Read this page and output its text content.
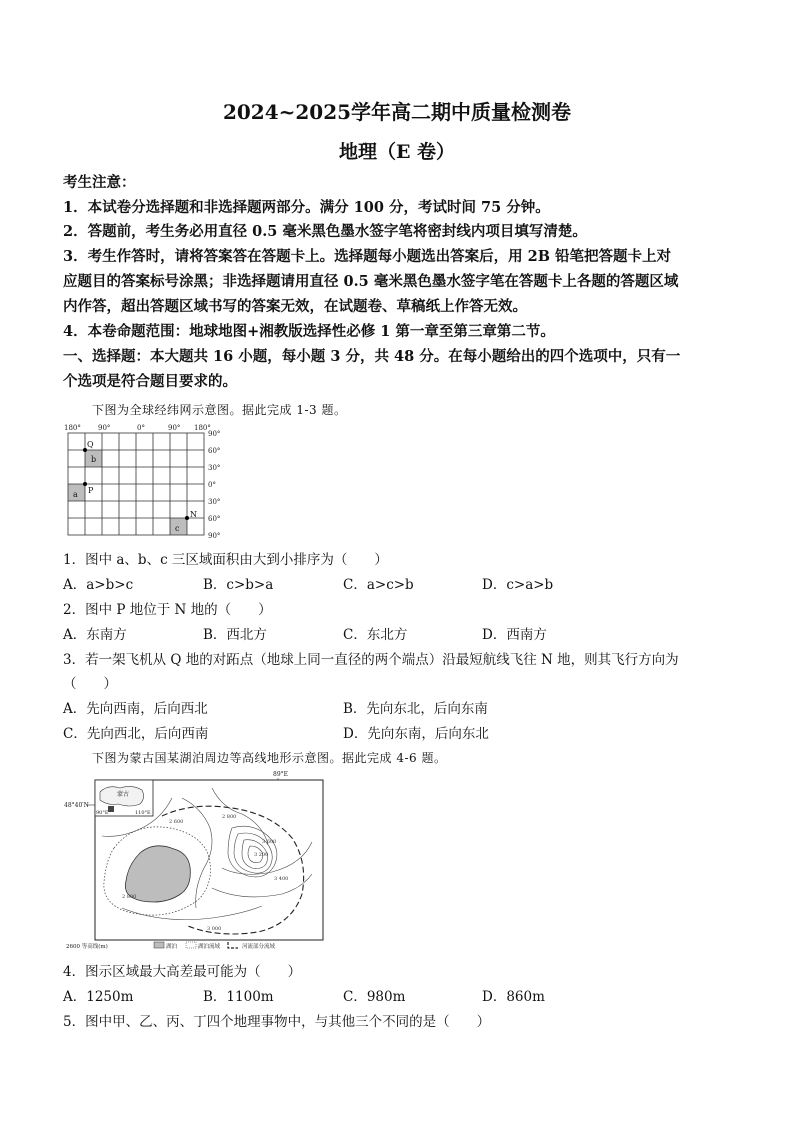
2024~2025学年高二期中质量检测卷
地理（E 卷）
考生注意：
1．本试卷分选择题和非选择题两部分。满分 100 分，考试时间 75 分钟。
2．答题前，考生务必用直径 0.5 毫米黑色墨水签字笔将密封线内项目填写清楚。
3．考生作答时，请将答案答在答题卡上。选择题每小题选出答案后，用 2B 铅笔把答题卡上对
应题目的答案标号涂黑；非选择题请用直径 0.5 毫米黑色墨水签字笔在答题卡上各题的答题区域
内作答，超出答题区域书写的答案无效，在试题卷、草稿纸上作答无效。
4．本卷命题范围：地球地图+湘教版选择性必修 1 第一章至第三章第二节。
一、选择题：本大题共 16 小题，每小题 3 分，共 48 分。在每小题给出的四个选项中，只有一
个选项是符合题目要求的。
下图为全球经纬网示意图。据此完成 1-3 题。
180° 90°	0°	90° 180°
90°
60°
30°
0°
30°
60°
90°
Q
P
N
a
b
c
1．图中 a、b、c 三区域面积由大到小排序为（　　）
A．a>b>c	B．c>b>a	C．a>c>b	D．c>a>b
2．图中 P 地位于 N 地的（　　）
A．东南方	B．西北方	C．东北方	D．西南方
3．若一架飞机从 Q 地的对跖点（地球上同一直径的两个端点）沿最短航线飞往 N 地，则其飞行方向为
（　　）
A．先向西南，后向西北	B．先向东北，后向东南
C．先向西北，后向西南	D．先向东南，后向东北
下图为蒙古国某湖泊周边等高线地形示意图。据此完成 4-6 题。
89°E
48°40′N
蒙古
90°E	110°E
2 600
2 800
3 200
3 600
3 400
2 800
3 000
2600 等高线(m)	湖泊	湖泊流域	河流部分流域
4．图示区域最大高差最可能为（　　）
A．1250m	B．1100m	C．980m	D．860m
5．图中甲、乙、丙、丁四个地理事物中，与其他三个不同的是（　　）
